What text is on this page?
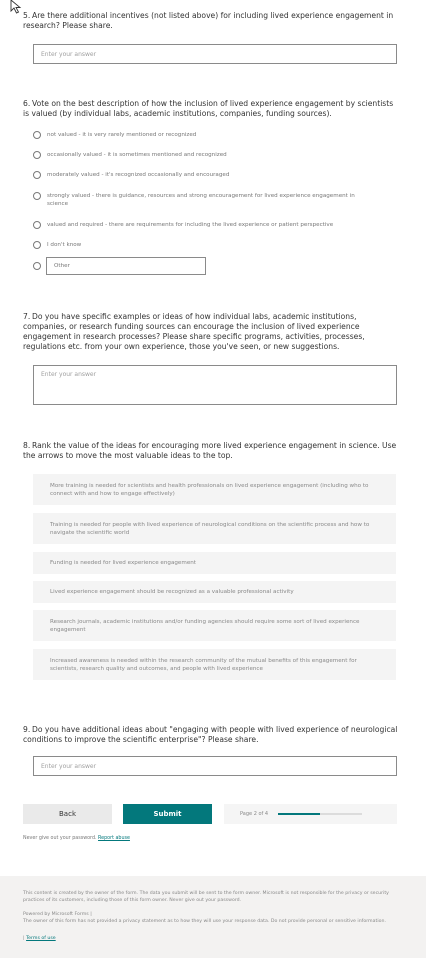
5. Are there additional incentives (not listed above) for including lived experience engagement in research? Please share.
Enter your answer
6. Vote on the best description of how the inclusion of lived experience engagement by scientists is valued (by individual labs, academic institutions, companies, funding sources).
not valued - it is very rarely mentioned or recognized
occasionally valued - it is sometimes mentioned and recognized
moderately valued - it's recognized occasionally and encouraged
strongly valued - there is guidance, resources and strong encouragement for lived experience engagement in science
valued and required - there are requirements for including the lived experience or patient perspective
I don't know
Other
7. Do you have specific examples or ideas of how individual labs, academic institutions, companies, or research funding sources can encourage the inclusion of lived experience engagement in research processes? Please share specific programs, activities, processes, regulations etc. from your own experience, those you've seen, or new suggestions.
Enter your answer
8. Rank the value of the ideas for encouraging more lived experience engagement in science. Use the arrows to move the most valuable ideas to the top.
More training is needed for scientists and health professionals on lived experience engagement (including who to connect with and how to engage effectively)
Training is needed for people with lived experience of neurological conditions on the scientific process and how to navigate the scientific world
Funding is needed for lived experience engagement
Lived experience engagement should be recognized as a valuable professional activity
Research journals, academic institutions and/or funding agencies should require some sort of lived experience engagement
Increased awareness is needed within the research community of the mutual benefits of this engagement for scientists, research quality and outcomes, and people with lived experience
9. Do you have additional ideas about "engaging with people with lived experience of neurological conditions to improve the scientific enterprise"? Please share.
Enter your answer
Back	Submit	Page 2 of 4
Never give out your password. Report abuse
This content is created by the owner of the form. The data you submit will be sent to the form owner. Microsoft is not responsible for the privacy or security practices of its customers, including those of this form owner. Never give out your password.
Powered by Microsoft Forms |
The owner of this form has not provided a privacy statement as to how they will use your response data. Do not provide personal or sensitive information.
| Terms of use
